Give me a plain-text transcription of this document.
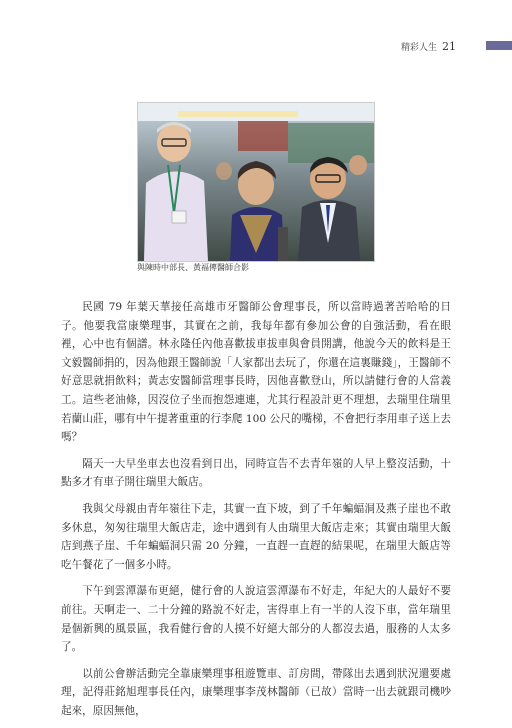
精彩人生 21
與陳時中部長、黃福傳醫師合影

民國 79 年葉天華接任高雄市牙醫師公會理事長，所以當時過著苦哈哈的日子。他要我當康樂理事，其實在之前，我每年都有參加公會的自強活動，看在眼裡，心中也有個譜。林永隆任內他喜歡拔車拔車與會員開講，他說今天的飲料是王文毅醫師捐的，因為他跟王醫師說「人家都出去玩了，你還在這裏賺錢」，王醫師不好意思就捐飲料；黃志安醫師當理事長時，因他喜歡登山，所以請健行會的人當義工。這些老油條，因沒位子坐而抱怨連連，尤其行程設計更不理想，去瑞里住瑞里若蘭山莊，哪有中午提著重重的行李爬 100 公尺的嘴梯，不會把行李用車子送上去嗎？

隔天一大早坐車去也沒看到日出，同時宣告不去青年嶺的人早上整沒活動，十點多才有車子開往瑞里大飯店。

我與父母親由青年嶺往下走，其實一直下坡，到了千年蝙蝠洞及燕子崖也不敢多休息，匆匆往瑞里大飯店走，途中遇到有人由瑞里大飯店走來；其實由瑞里大飯店到燕子崖、千年蝙蝠洞只需 20 分鐘，一直趕一直趕的結果呢，在瑞里大飯店等吃午餐花了一個多小時。

下午到雲潭瀑布更絕，健行會的人說這雲潭瀑布不好走，年紀大的人最好不要前往。天啊走一、二十分鐘的路說不好走，害得車上有一半的人沒下車，當年瑞里是個新興的風景區，我看健行會的人摸不好絕大部分的人都沒去過，服務的人太多了。

以前公會辦活動完全靠康樂理事租遊覽車、訂房間，帶隊出去遇到狀況還要處理，記得莊銘旭理事長任內，康樂理事李茂林醫師（已故）當時一出去就跟司機吵起來，原因無他，
